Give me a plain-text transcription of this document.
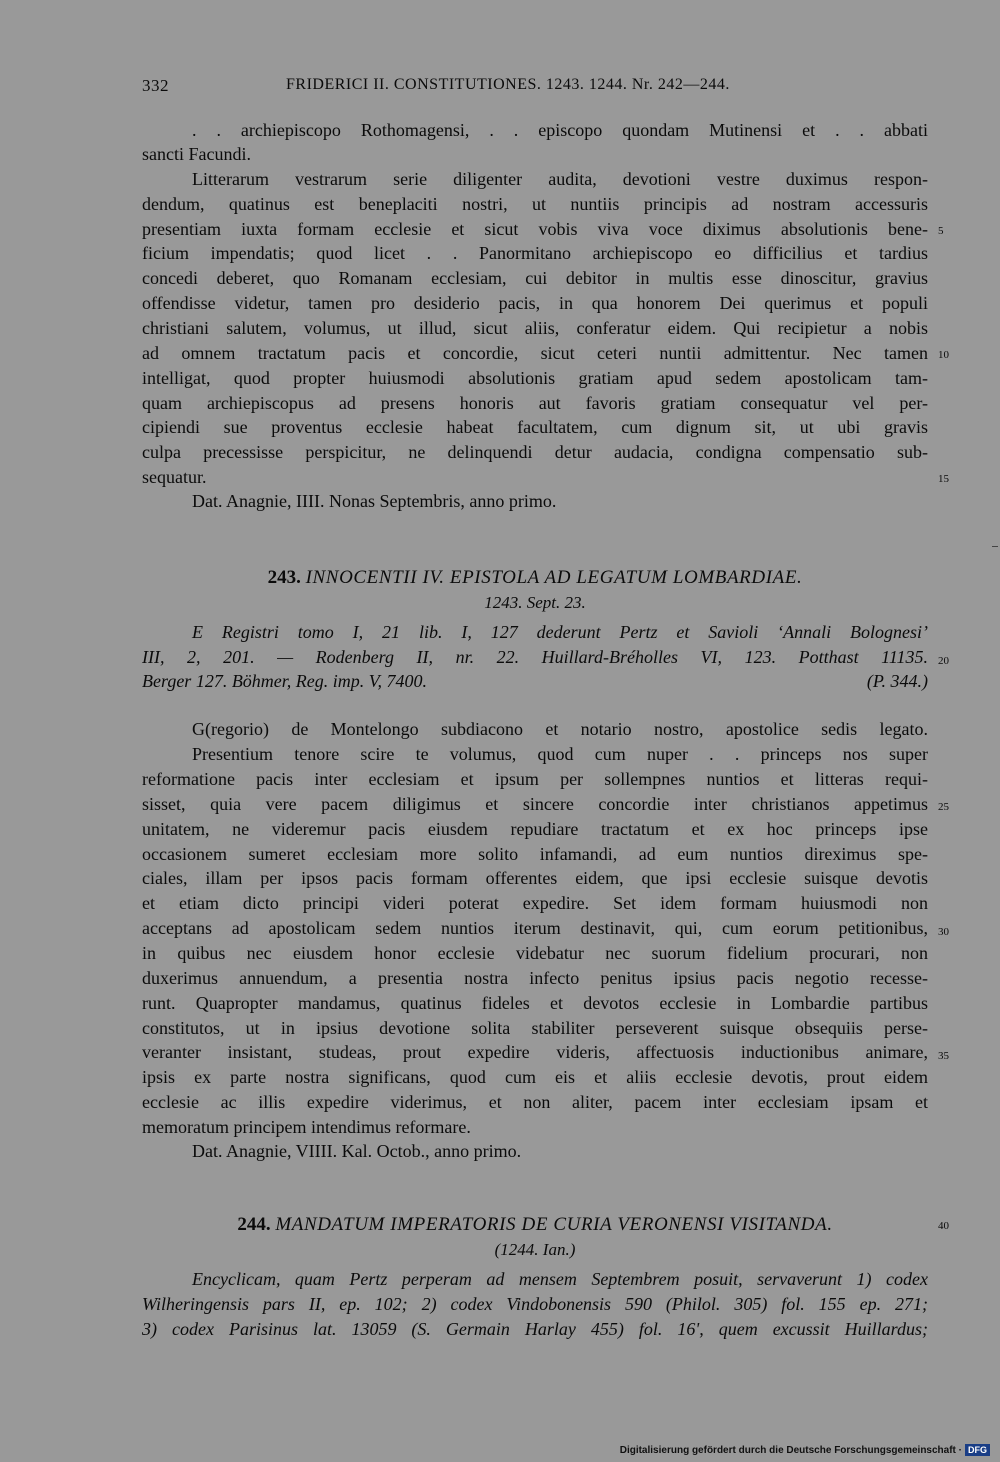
332	FRIDERICI II. CONSTITUTIONES. 1243. 1244. Nr. 242—244.
. . archiepiscopo Rothomagensi, . . episcopo quondam Mutinensi et . . abbati
sancti Facundi.
Litterarum vestrarum serie diligenter audita, devotioni vestre duximus respon-
dendum, quatinus est beneplaciti nostri, ut nuntiis principis ad nostram accessuris
presentiam iuxta formam ecclesie et sicut vobis viva voce diximus absolutionis bene-
ficium impendatis; quod licet . . Panormitano archiepiscopo eo difficilius et tardius
concedi deberet, quo Romanam ecclesiam, cui debitor in multis esse dinoscitur, gravius
offendisse videtur, tamen pro desiderio pacis, in qua honorem Dei querimus et populi
christiani salutem, volumus, ut illud, sicut aliis, conferatur eidem. Qui recipietur a nobis
ad omnem tractatum pacis et concordie, sicut ceteri nuntii admittentur. Nec tamen
intelligat, quod propter huiusmodi absolutionis gratiam apud sedem apostolicam tam-
quam archiepiscopus ad presens honoris aut favoris gratiam consequatur vel per-
cipiendi sue proventus ecclesie habeat facultatem, cum dignum sit, ut ubi gravis
culpa precessisse perspicitur, ne delinquendi detur audacia, condigna compensatio sub-
sequatur.
Dat. Anagnie, IIII. Nonas Septembris, anno primo.
5
10
15
20
25
30
35
40
243. INNOCENTII IV. EPISTOLA AD LEGATUM LOMBARDIAE.
1243. Sept. 23.
E Registri tomo I, 21 lib. I, 127 dederunt Pertz et Savioli ‘Annali Bolognesi’
III, 2, 201. — Rodenberg II, nr. 22. Huillard-Bréholles VI, 123. Potthast 11135.
Berger 127. Böhmer, Reg. imp. V, 7400.	(P. 344.)
G(regorio) de Montelongo subdiacono et notario nostro, apostolice sedis legato.
Presentium tenore scire te volumus, quod cum nuper . . princeps nos super
reformatione pacis inter ecclesiam et ipsum per sollempnes nuntios et litteras requi-
sisset, quia vere pacem diligimus et sincere concordie inter christianos appetimus
unitatem, ne videremur pacis eiusdem repudiare tractatum et ex hoc princeps ipse
occasionem sumeret ecclesiam more solito infamandi, ad eum nuntios direximus spe-
ciales, illam per ipsos pacis formam offerentes eidem, que ipsi ecclesie suisque devotis
et etiam dicto principi videri poterat expedire. Set idem formam huiusmodi non
acceptans ad apostolicam sedem nuntios iterum destinavit, qui, cum eorum petitionibus,
in quibus nec eiusdem honor ecclesie videbatur nec suorum fidelium procurari, non
duxerimus annuendum, a presentia nostra infecto penitus ipsius pacis negotio recesse-
runt. Quapropter mandamus, quatinus fideles et devotos ecclesie in Lombardie partibus
constitutos, ut in ipsius devotione solita stabiliter perseverent suisque obsequiis perse-
veranter insistant, studeas, prout expedire videris, affectuosis inductionibus animare,
ipsis ex parte nostra significans, quod cum eis et aliis ecclesie devotis, prout eidem
ecclesie ac illis expedire viderimus, et non aliter, pacem inter ecclesiam ipsam et
memoratum principem intendimus reformare.
Dat. Anagnie, VIIII. Kal. Octob., anno primo.
244. MANDATUM IMPERATORIS DE CURIA VERONENSI VISITANDA.
(1244. Ian.)
Encyclicam, quam Pertz perperam ad mensem Septembrem posuit, servaverunt 1) codex
Wilheringensis pars II, ep. 102; 2) codex Vindobonensis 590 (Philol. 305) fol. 155 ep. 271;
3) codex Parisinus lat. 13059 (S. Germain Harlay 455) fol. 16', quem excussit Huillardus;
Digitalisierung gefördert durch die Deutsche Forschungsgemeinschaft · DFG
